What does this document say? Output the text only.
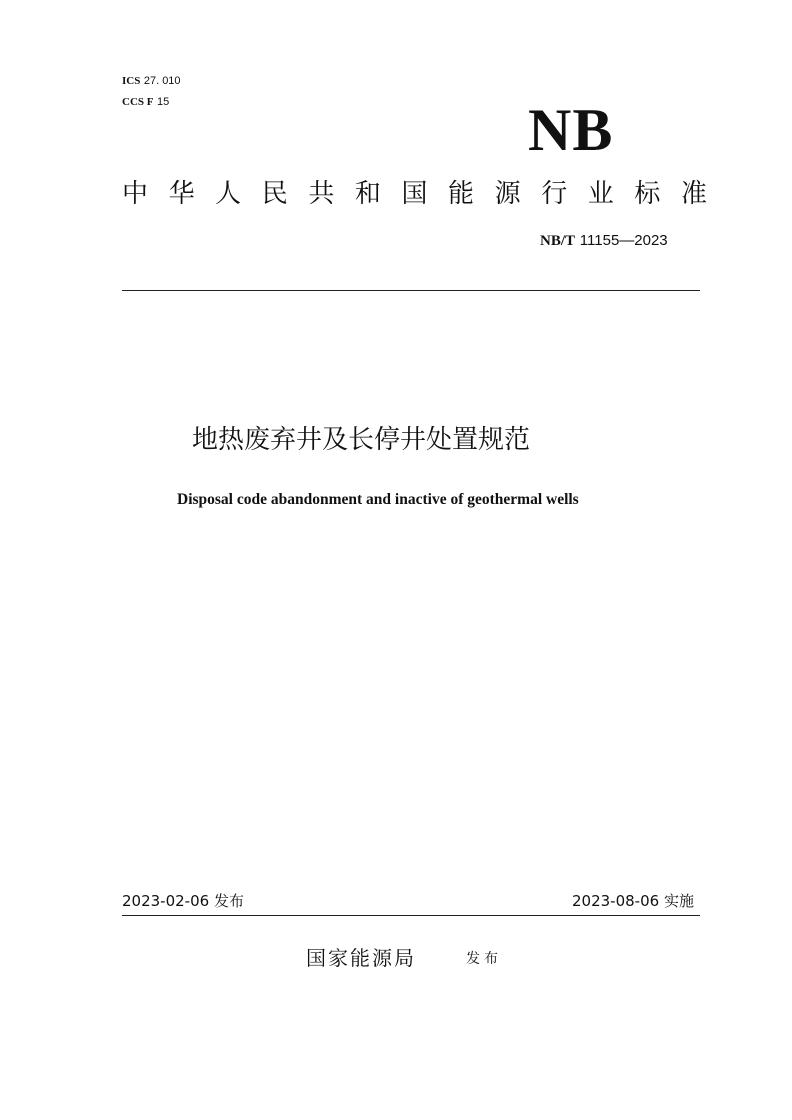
ICS 27. 010
CCS F 15	NB
中 华 人 民 共 和 国 能 源 行 业 标 准
NB/T 11155—2023
地热废弃井及长停井处置规范
Disposal code abandonment and inactive of geothermal wells
2023-02-06 发布	2023-08-06 实施
国家能源局	发布
